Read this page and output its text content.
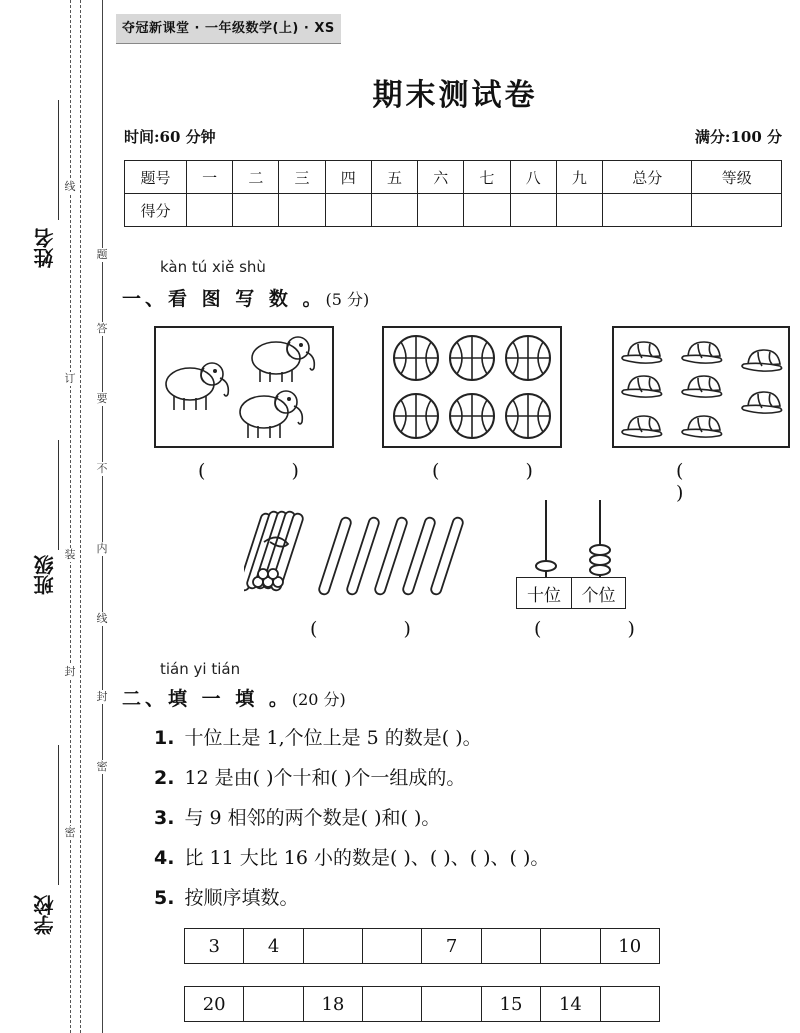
线
订
装
封
密
题
答
要
不
内
线
封
密
姓名
班级
学校
夺冠新课堂 · 一年级数学(上) · XS
期末测试卷
时间:60 分钟	满分:100 分
题号	一	二	三	四	五	六	七	八	九	总分	等级
得分											
kàn tú xiě shù
一、看 图 写 数 。(5 分)
( )	( )	( )
( )
十位	个位
( )
tián yi tián
二、填 一 填 。(20 分)
1. 十位上是 1,个位上是 5 的数是( )。
2. 12 是由( )个十和( )个一组成的。
3. 与 9 相邻的两个数是( )和( )。
4. 比 11 大比 16 小的数是( )、( )、( )、( )。
5. 按顺序填数。
3	4			7			10
20		18			15	14	
